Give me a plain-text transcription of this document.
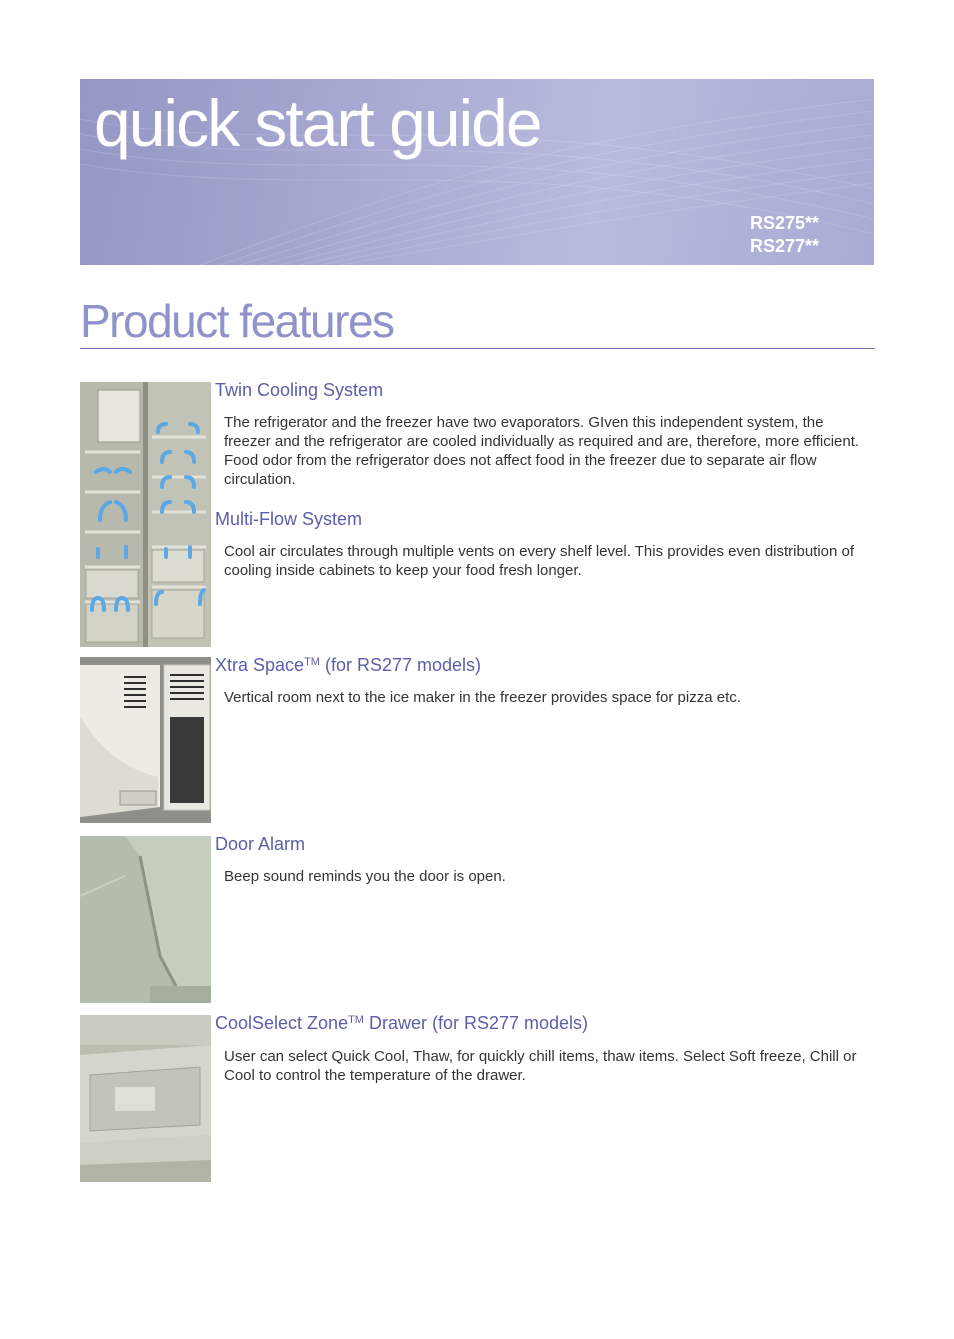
quick start guide
RS275**
RS277**
Product features
Twin Cooling System

The refrigerator and the freezer have two evaporators. GIven this independent system, the freezer and the refrigerator are cooled individually as required and are, therefore, more efficient. Food odor from the refrigerator does not affect food in the freezer due to separate air flow circulation.

Multi-Flow System

Cool air circulates through multiple vents on every shelf level. This provides even distribution of cooling inside cabinets to keep your food fresh longer.

Xtra Space™ (for RS277 models)

Vertical room next to the ice maker in the freezer provides space for pizza etc.

Door Alarm

Beep sound reminds you the door is open.

CoolSelect Zone™ Drawer (for RS277 models)

User can select Quick Cool, Thaw, for quickly chill items, thaw items. Select Soft freeze, Chill or Cool to control the temperature of the drawer.
